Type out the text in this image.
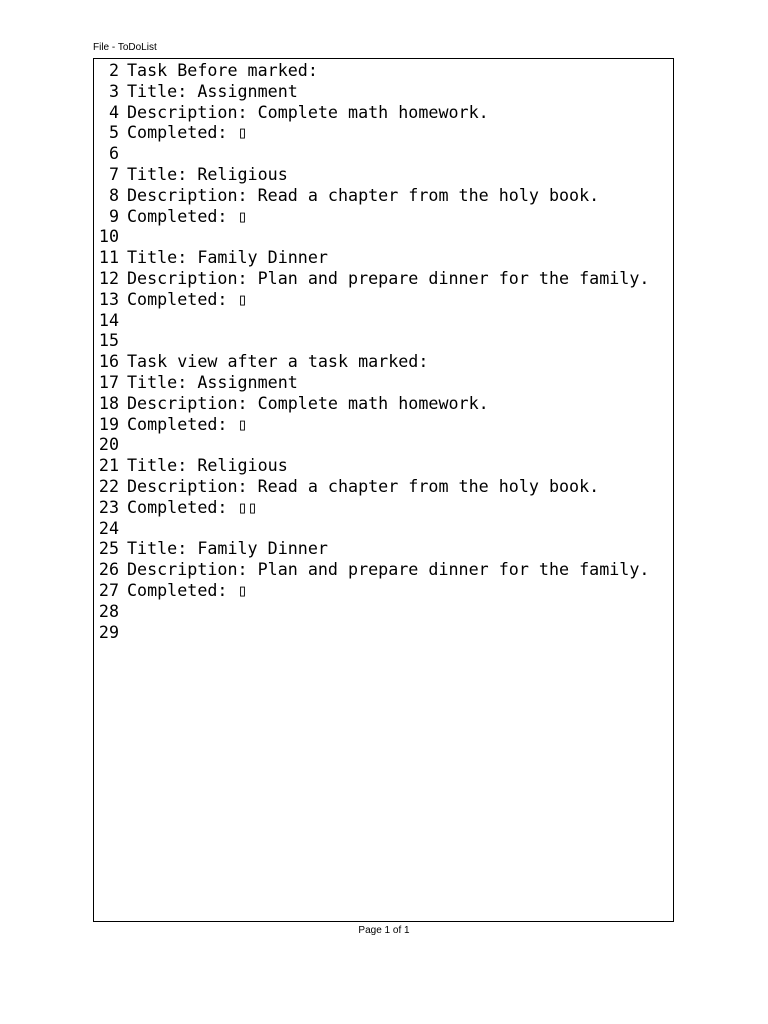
File - ToDoList
2 Task Before marked:
3 Title: Assignment
4 Description: Complete math homework.
5 Completed: ▯
6
7 Title: Religious
8 Description: Read a chapter from the holy book.
9 Completed: ▯
10
11 Title: Family Dinner
12 Description: Plan and prepare dinner for the family.
13 Completed: ▯
14
15
16 Task view after a task marked:
17 Title: Assignment
18 Description: Complete math homework.
19 Completed: ▯
20
21 Title: Religious
22 Description: Read a chapter from the holy book.
23 Completed: ▯▯
24
25 Title: Family Dinner
26 Description: Plan and prepare dinner for the family.
27 Completed: ▯
28
29
Page 1 of 1
